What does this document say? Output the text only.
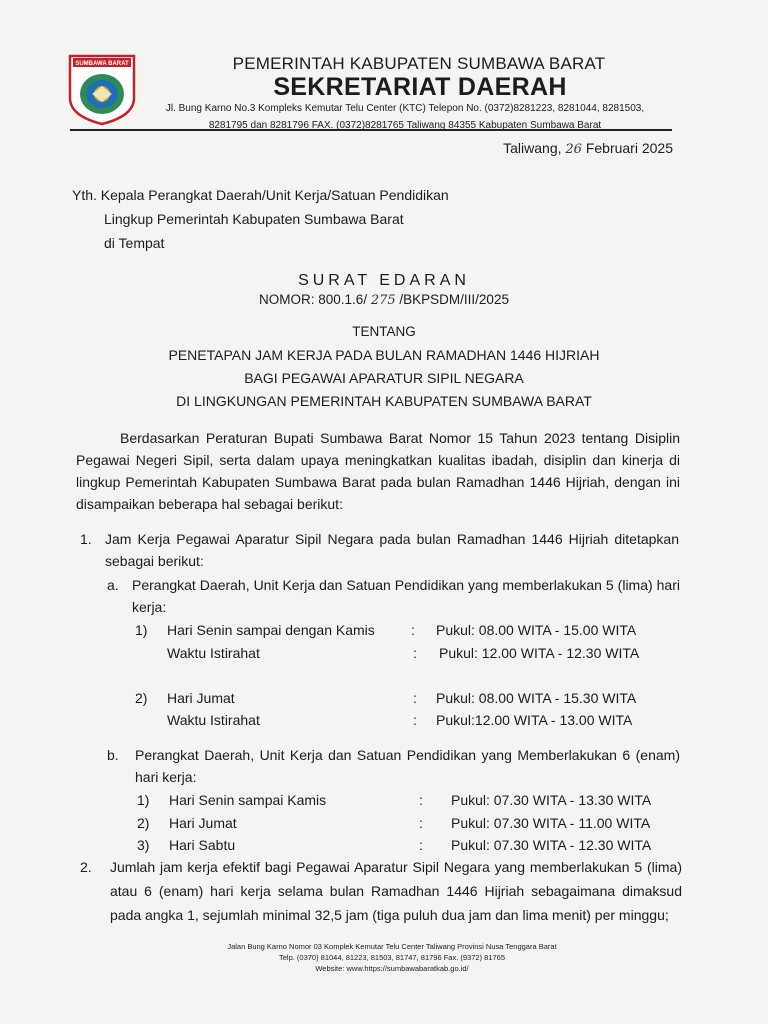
SUMBAWA BARAT	PEMERINTAH KABUPATEN SUMBAWA BARAT
SEKRETARIAT DAERAH
Jl. Bung Karno No.3 Kompleks Kemutar Telu Center (KTC) Telepon No. (0372)8281223, 8281044, 8281503,
8281795 dan 8281796 FAX. (0372)8281765 Taliwang 84355 Kabupaten Sumbawa Barat
Taliwang, 26 Februari 2025
Yth. Kepala Perangkat Daerah/Unit Kerja/Satuan Pendidikan
Lingkup Pemerintah Kabupaten Sumbawa Barat
di Tempat
SURAT EDARAN
NOMOR: 800.1.6/ 275 /BKPSDM/III/2025
TENTANG
PENETAPAN JAM KERJA PADA BULAN RAMADHAN 1446 HIJRIAH
BAGI PEGAWAI APARATUR SIPIL NEGARA
DI LINGKUNGAN PEMERINTAH KABUPATEN SUMBAWA BARAT
Berdasarkan Peraturan Bupati Sumbawa Barat Nomor 15 Tahun 2023 tentang Disiplin Pegawai Negeri Sipil, serta dalam upaya meningkatkan kualitas ibadah, disiplin dan kinerja di lingkup Pemerintah Kabupaten Sumbawa Barat pada bulan Ramadhan 1446 Hijriah, dengan ini disampaikan beberapa hal sebagai berikut:
1. Jam Kerja Pegawai Aparatur Sipil Negara pada bulan Ramadhan 1446 Hijriah ditetapkan sebagai berikut:
a. Perangkat Daerah, Unit Kerja dan Satuan Pendidikan yang memberlakukan 5 (lima) hari kerja:
1) Hari Senin sampai dengan Kamis	: Pukul: 08.00 WITA - 15.00 WITA
Waktu Istirahat	: Pukul: 12.00 WITA - 12.30 WITA
2) Hari Jumat	: Pukul: 08.00 WITA - 15.30 WITA
Waktu Istirahat	: Pukul:12.00 WITA - 13.00 WITA
b. Perangkat Daerah, Unit Kerja dan Satuan Pendidikan yang Memberlakukan 6 (enam) hari kerja:
1) Hari Senin sampai Kamis	: Pukul: 07.30 WITA - 13.30 WITA
2) Hari Jumat	: Pukul: 07.30 WITA - 11.00 WITA
3) Hari Sabtu	: Pukul: 07.30 WITA - 12.30 WITA
2. Jumlah jam kerja efektif bagi Pegawai Aparatur Sipil Negara yang memberlakukan 5 (lima) atau 6 (enam) hari kerja selama bulan Ramadhan 1446 Hijriah sebagaimana dimaksud pada angka 1, sejumlah minimal 32,5 jam (tiga puluh dua jam dan lima menit) per minggu;
Jalan Bung Karno Nomor 03 Komplek Kemutar Telu Center Taliwang Provinsi Nusa Tenggara Barat
Telp. (0370) 81044, 81223, 81503, 81747, 81796 Fax. (9372) 81765
Website: www.https://sumbawabaratkab.go.id/
